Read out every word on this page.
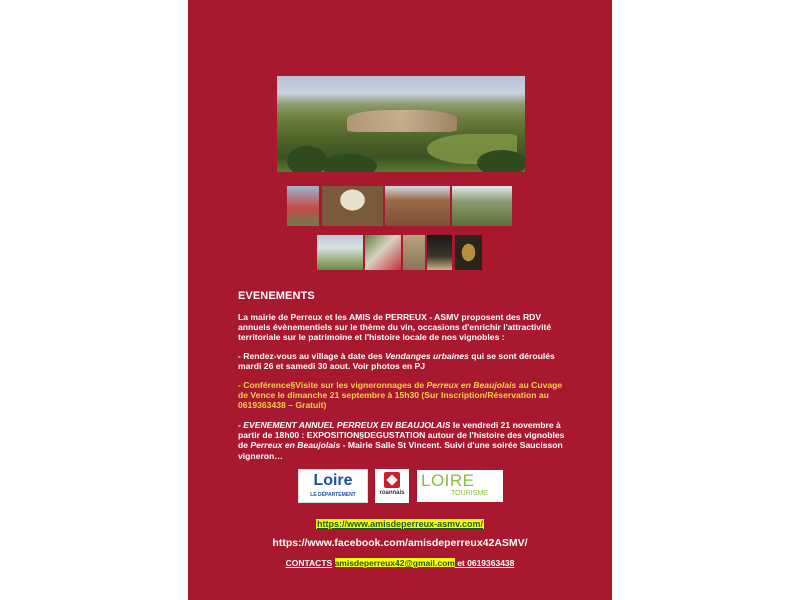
EVENEMENTS
La mairie de Perreux et les AMIS de PERREUX - ASMV proposent des RDV annuels évènementiels sur le thème du vin, occasions d'enrichir l'attractivité territoriale sur le patrimoine et l'histoire locale de nos vignobles :
- Rendez-vous au village à date des Vendanges urbaines qui se sont déroulés mardi 26 et samedi 30 aout. Voir photos en PJ
- Conférence§Visite sur les vigneronnages de Perreux en Beaujolais au Cuvage de Vence le dimanche 21 septembre à 15h30 (Sur Inscription/Réservation au 0619363438 – Gratuit)
- EVENEMENT ANNUEL PERREUX EN BEAUJOLAIS le vendredi 21 novembre à partir de 18h00 : EXPOSITION§DEGUSTATION autour de l'histoire des vignobles de Perreux en Beaujolais - Mairie Salle St Vincent. Suivi d'une soirée Saucisson vigneron…
Loire
LE DÉPARTEMENT	roannais
LOIRE
TOURISME
https://www.amisdeperreux-asmv.com/
https://www.facebook.com/amisdeperreux42ASMV/
CONTACTS amisdeperreux42@gmail.com et 0619363438
